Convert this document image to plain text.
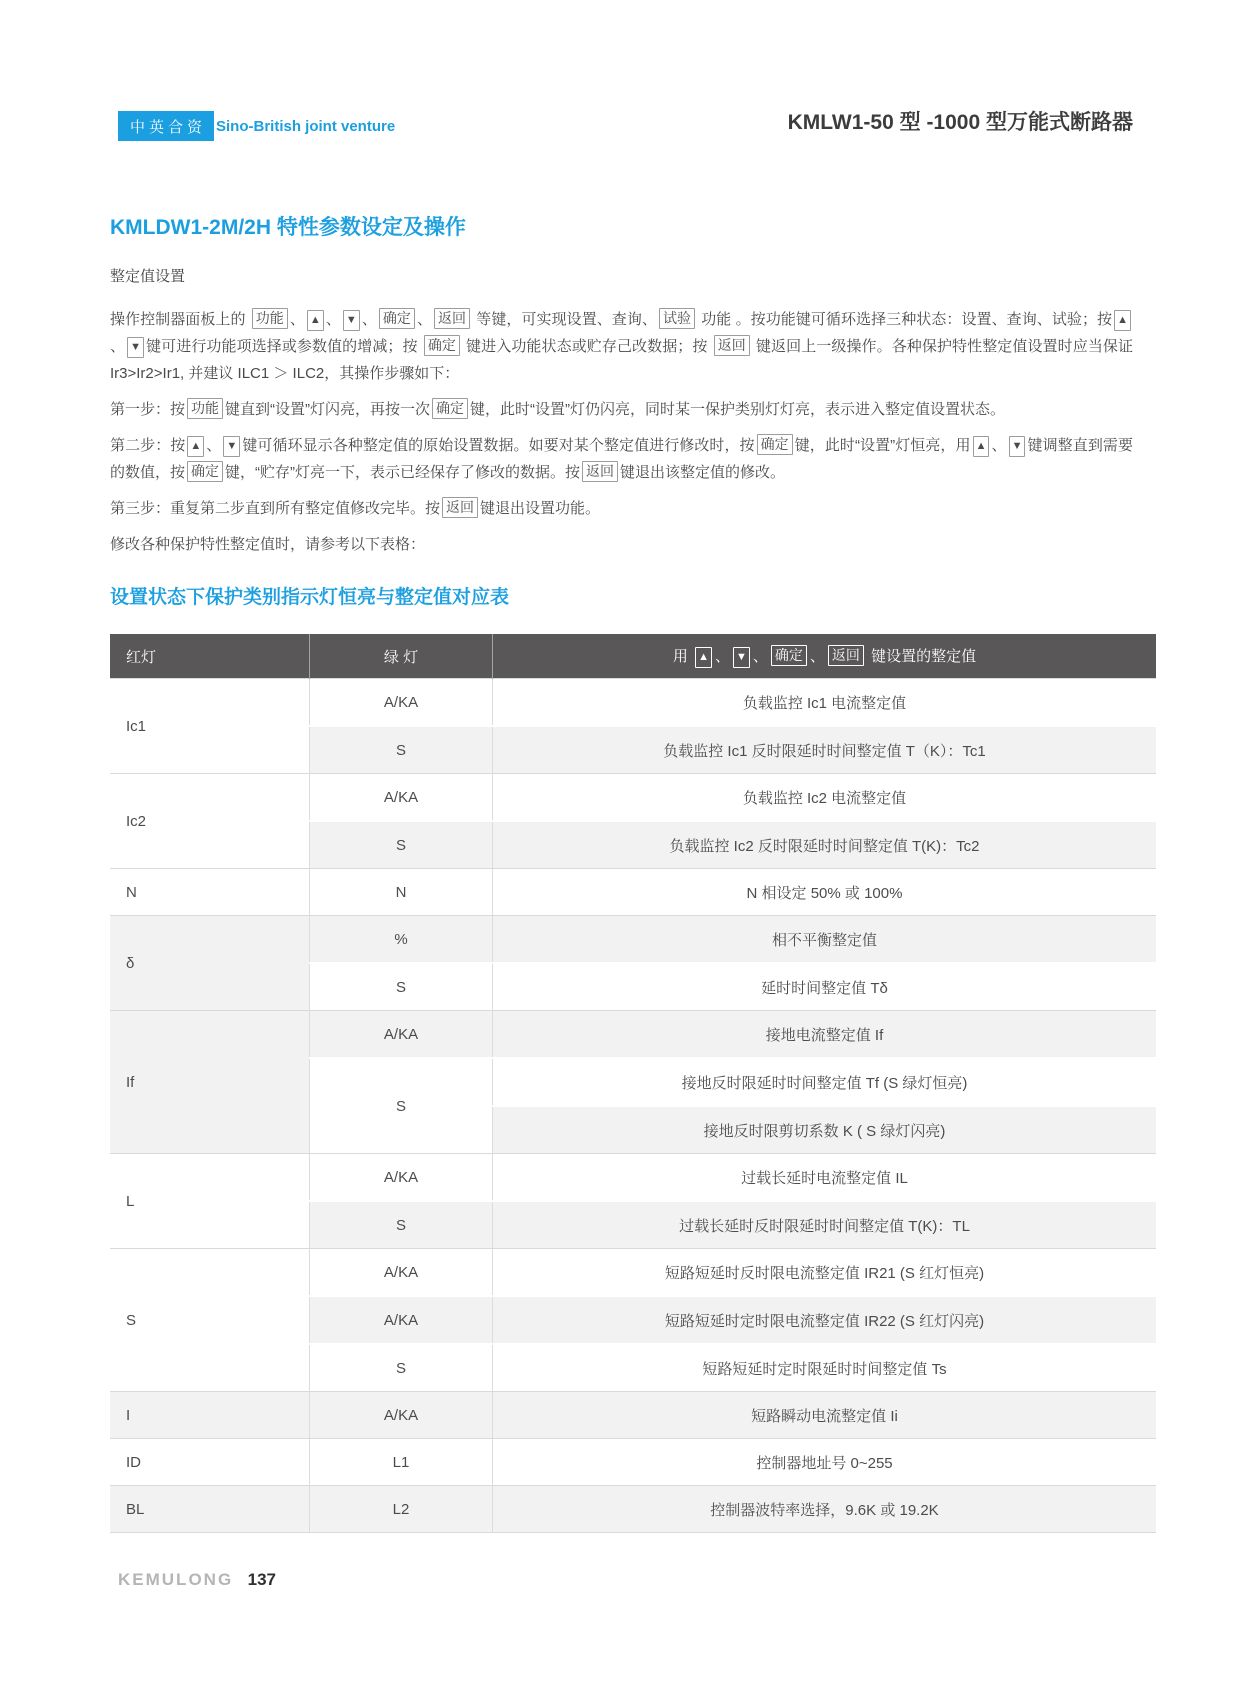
中英合资 Sino-British joint venture	KMLW1-50 型 -1000 型万能式断路器
KMLDW1-2M/2H 特性参数设定及操作

整定值设置

操作控制器面板上的 功能 、 ▲ 、 ▼ 、 确定 、 返回 等键，可实现设置、查询、 试验 功能 。按功能键可循环选择三种状态：设置、查询、试验；按 ▲、 ▼ 键可进行功能项选择或参数值的增减；按 确定 键进入功能状态或贮存己改数据；按 返回 键返回上一级操作。各种保护特性整定值设置时应当保证 Ir3>Ir2>Ir1, 并建议 ILC1 ＞ ILC2，其操作步骤如下：

第一步：按 功能 键直到“设置”灯闪亮，再按一次 确定 键，此时“设置”灯仍闪亮，同时某一保护类别灯灯亮，表示进入整定值设置状态。

第二步：按 ▲ 、 ▼ 键可循环显示各种整定值的原始设置数据。如要对某个整定值进行修改时，按 确定 键，此时“设置”灯恒亮，用 ▲ 、 ▼ 键调整直到需要的数值，按 确定 键，“贮存”灯亮一下，表示已经保存了修改的数据。按 返回 键退出该整定值的修改。

第三步：重复第二步直到所有整定值修改完毕。按 返回 键退出设置功能。

修改各种保护特性整定值时，请参考以下表格：

设置状态下保护类别指示灯恒亮与整定值对应表
红灯	绿 灯	用 ▲ 、 ▼ 、 确定 、 返回 键设置的整定值
Ic1	A/KA	负载监控 Ic1 电流整定值
	S	负载监控 Ic1 反时限延时时间整定值 T（K）：Tc1
Ic2	A/KA	负载监控 Ic2 电流整定值
	S	负载监控 Ic2 反时限延时时间整定值 T(K)：Tc2
N	N	N 相设定 50% 或 100%
δ	%	相不平衡整定值
	S	延时时间整定值 Tδ
If	A/KA	接地电流整定值 If
	S	接地反时限延时时间整定值 Tf (S 绿灯恒亮)
		接地反时限剪切系数 K ( S 绿灯闪亮)
L	A/KA	过载长延时电流整定值 IL
	S	过载长延时反时限延时时间整定值 T(K)：TL
S	A/KA	短路短延时反时限电流整定值 IR21 (S 红灯恒亮)
	A/KA	短路短延时定时限电流整定值 IR22 (S 红灯闪亮)
	S	短路短延时定时限延时时间整定值 Ts
I	A/KA	短路瞬动电流整定值 Ii
ID	L1	控制器地址号 0~255
BL	L2	控制器波特率选择，9.6K 或 19.2K
KEMULONG 137
